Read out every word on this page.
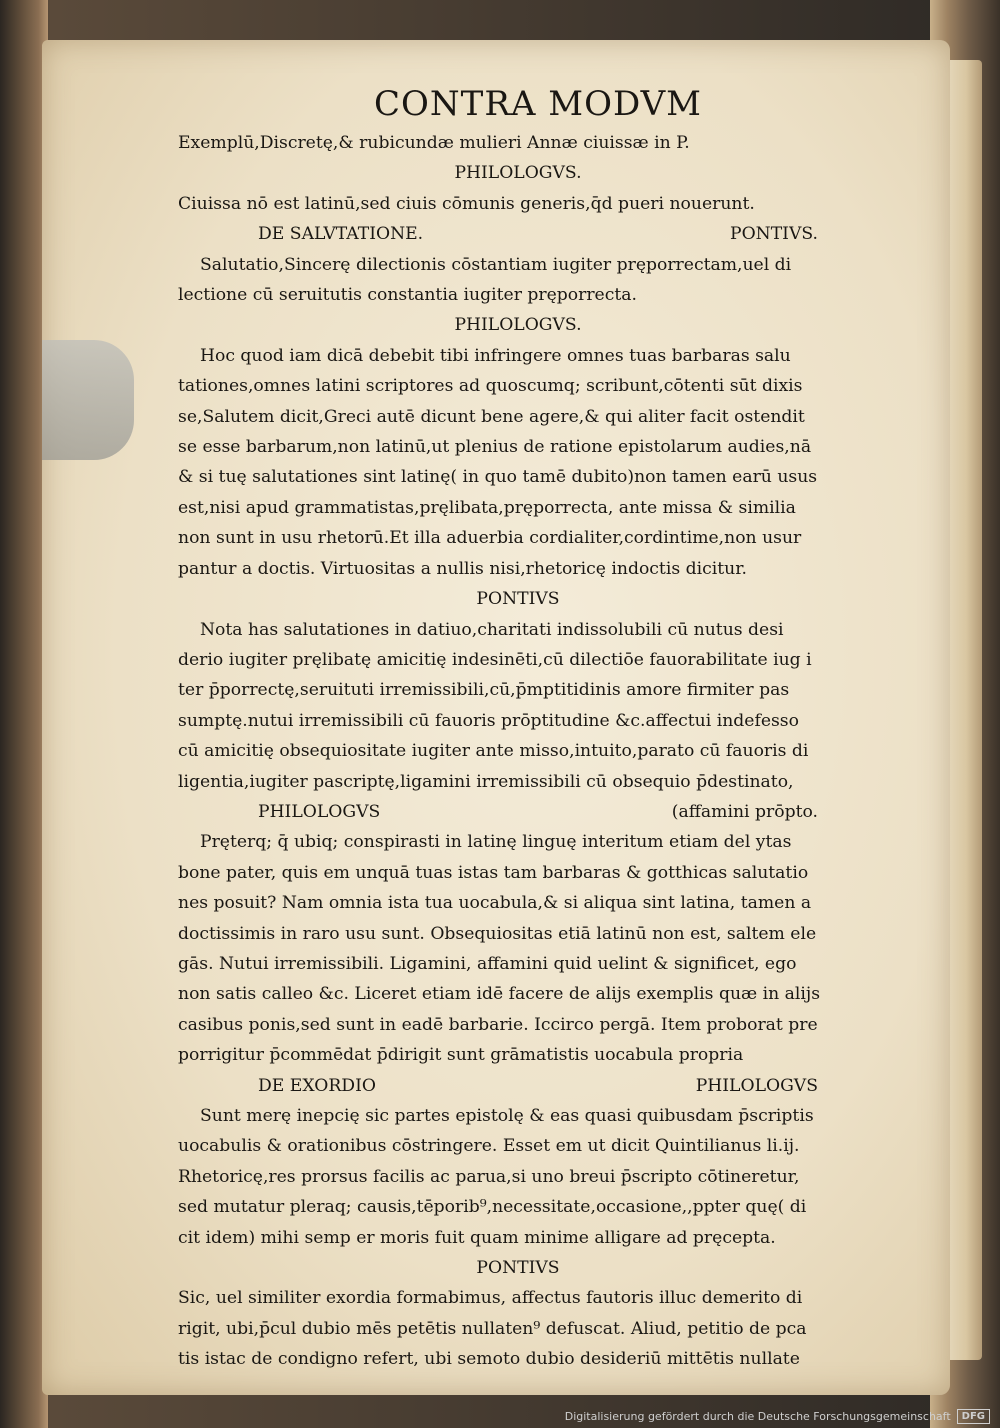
CONTRA MODVM
Exemplū,Discretę,& rubicundæ mulieri Annæ ciuissæ in P.
PHILOLOGVS.
Ciuissa nō est latinū,sed ciuis cōmunis generis,q̄d pueri nouerunt.
DE SALVTATIONE.	PONTIVS.
Salutatio,Sincerę dilectionis cōstantiam iugiter pręporrectam,uel di
lectione cū seruitutis constantia iugiter pręporrecta.
PHILOLOGVS.
Hoc quod iam dicā debebit tibi infringere omnes tuas barbaras salu
tationes,omnes latini scriptores ad quoscumq; scribunt,cōtenti sūt dixis
se,Salutem dicit,Greci autē dicunt bene agere,& qui aliter facit ostendit
se esse barbarum,non latinū,ut plenius de ratione epistolarum audies,nā
& si tuę salutationes sint latinę( in quo tamē dubito)non tamen earū usus
est,nisi apud grammatistas,pręlibata,pręporrecta, ante missa & similia
non sunt in usu rhetorū.Et illa aduerbia cordialiter,cordintime,non usur
pantur a doctis. Virtuositas a nullis nisi,rhetoricę indoctis dicitur.
PONTIVS
Nota has salutationes in datiuo,charitati indissolubili cū nutus desi
derio iugiter pręlibatę amicitię indesinēti,cū dilectiōe fauorabilitate iug i
ter p̄porrectę,seruituti irremissibili,cū,p̄mptitidinis amore firmiter pas
sumptę.nutui irremissibili cū fauoris prōptitudine &c.affectui indefesso
cū amicitię obsequiositate iugiter ante misso,intuito,parato cū fauoris di
ligentia,iugiter pascriptę,ligamini irremissibili cū obsequio p̄destinato,
PHILOLOGVS	(affamini prōpto.
Pręterq; q̄ ubiq; conspirasti in latinę linguę interitum etiam del ytas
bone pater, quis em unquā tuas istas tam barbaras & gotthicas salutatio
nes posuit? Nam omnia ista tua uocabula,& si aliqua sint latina, tamen a
doctissimis in raro usu sunt. Obsequiositas etiā latinū non est, saltem ele
gās. Nutui irremissibili. Ligamini, affamini quid uelint & significet, ego
non satis calleo &c. Liceret etiam idē facere de alijs exemplis quæ in alijs
casibus ponis,sed sunt in eadē barbarie. Iccirco pergā. Item proborat pre
porrigitur p̄commēdat p̄dirigit sunt grāmatistis uocabula propria
DE EXORDIO	PHILOLOGVS
Sunt merę inepcię sic partes epistolę & eas quasi quibusdam p̄scriptis
uocabulis & orationibus cōstringere. Esset em ut dicit Quintilianus li.ij.
Rhetoricę,res prorsus facilis ac parua,si uno breui p̄scripto cōtineretur,
sed mutatur pleraq; causis,tēporib⁹,necessitate,occasione,,ppter quę( di
cit idem) mihi semp er moris fuit quam minime alligare ad pręcepta.
PONTIVS
Sic, uel similiter exordia formabimus, affectus fautoris illuc demerito di
rigit, ubi,p̄cul dubio mēs petētis nullaten⁹ defuscat. Aliud, petitio de pca
tis istac de condigno refert, ubi semoto dubio desideriū mittētis nullate
Digitalisierung gefördert durch die Deutsche Forschungsgemeinschaft	DFG
